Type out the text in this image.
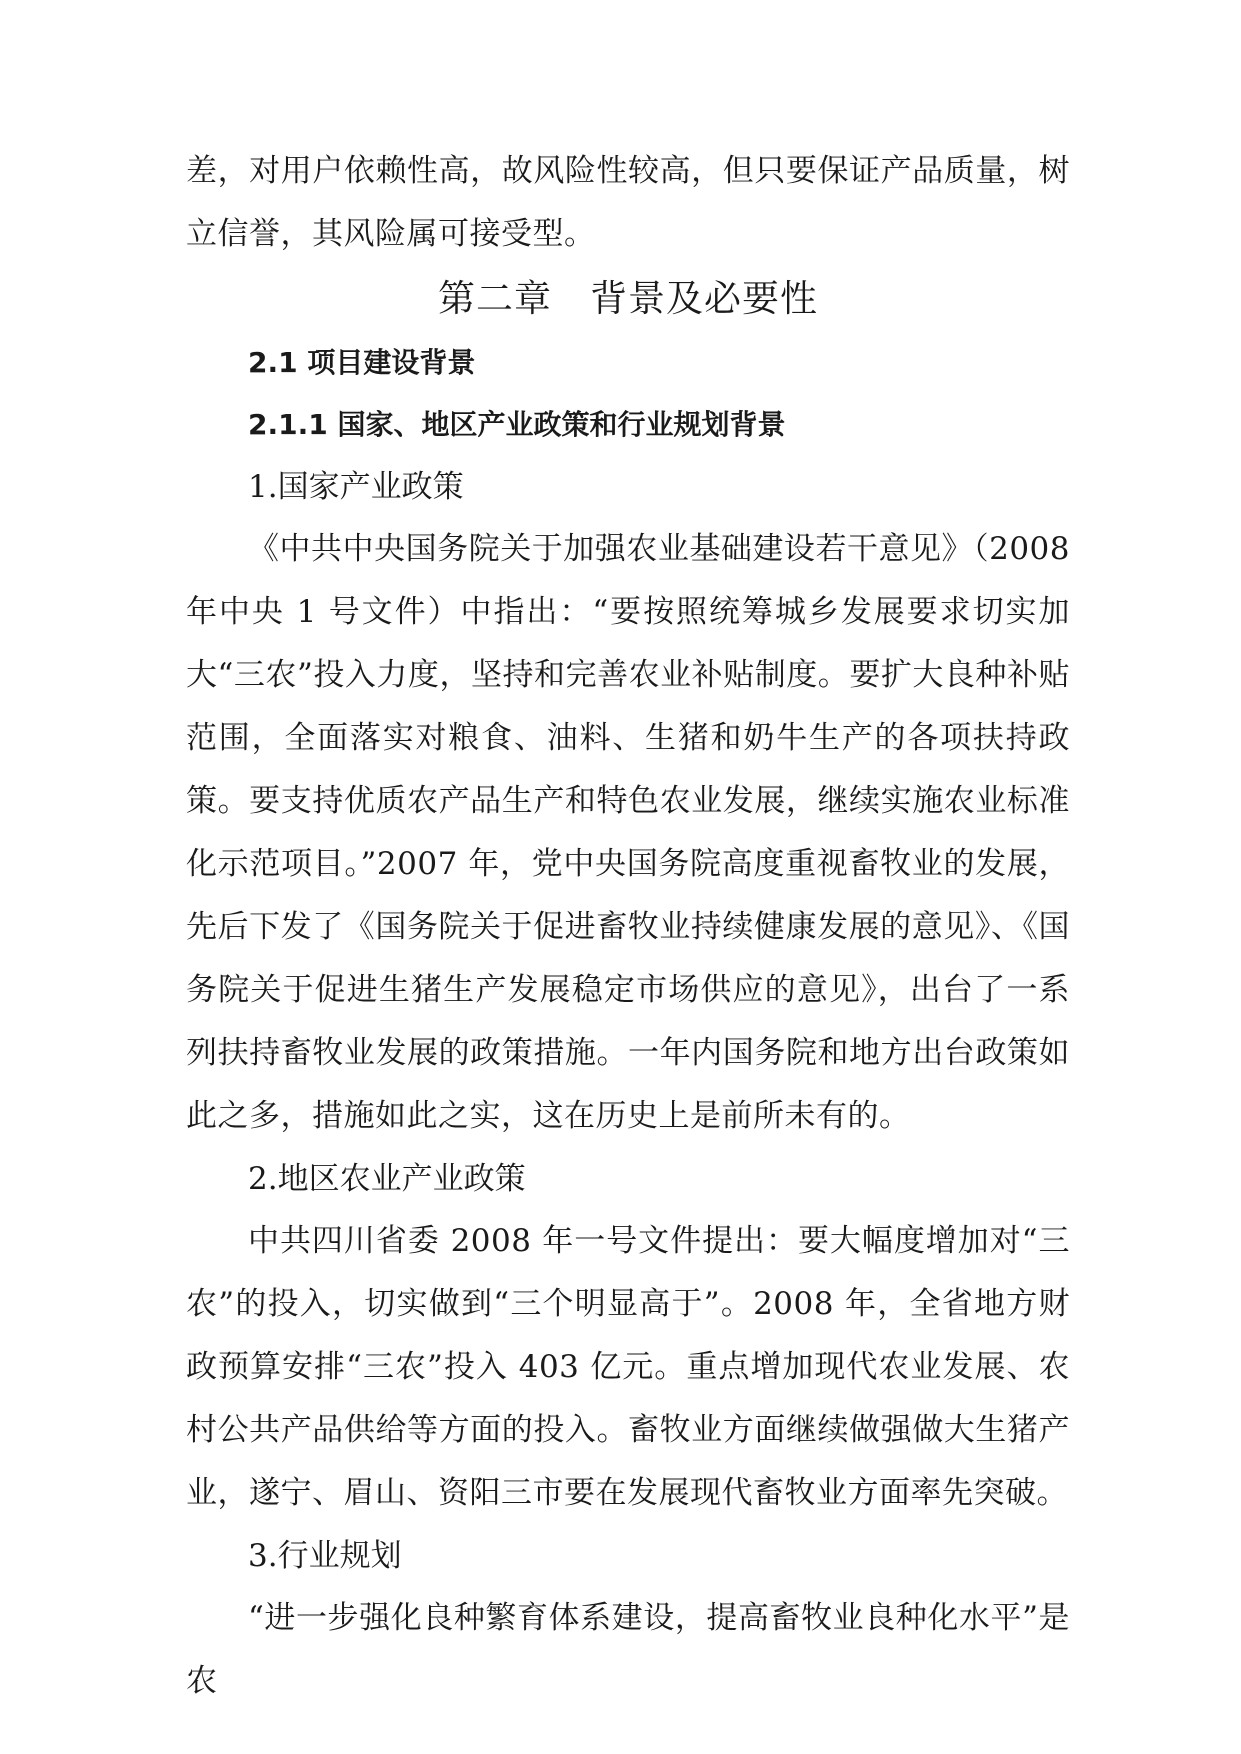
差，对用户依赖性高，故风险性较高，但只要保证产品质量，树立信誉，其风险属可接受型。

第二章　背景及必要性
2.1 项目建设背景
2.1.1 国家、地区产业政策和行业规划背景

1.国家产业政策

《中共中央国务院关于加强农业基础建设若干意见》（2008年中央 1 号文件）中指出：“要按照统筹城乡发展要求切实加大“三农”投入力度，坚持和完善农业补贴制度。要扩大良种补贴范围，全面落实对粮食、油料、生猪和奶牛生产的各项扶持政策。要支持优质农产品生产和特色农业发展，继续实施农业标准化示范项目。”2007 年，党中央国务院高度重视畜牧业的发展，先后下发了《国务院关于促进畜牧业持续健康发展的意见》、《国务院关于促进生猪生产发展稳定市场供应的意见》，出台了一系列扶持畜牧业发展的政策措施。一年内国务院和地方出台政策如此之多，措施如此之实，这在历史上是前所未有的。

2.地区农业产业政策

中共四川省委 2008 年一号文件提出：要大幅度增加对“三农”的投入，切实做到“三个明显高于”。2008 年，全省地方财政预算安排“三农”投入 403 亿元。重点增加现代农业发展、农村公共产品供给等方面的投入。畜牧业方面继续做强做大生猪产业，遂宁、眉山、资阳三市要在发展现代畜牧业方面率先突破。

3.行业规划

“进一步强化良种繁育体系建设，提高畜牧业良种化水平”是农
